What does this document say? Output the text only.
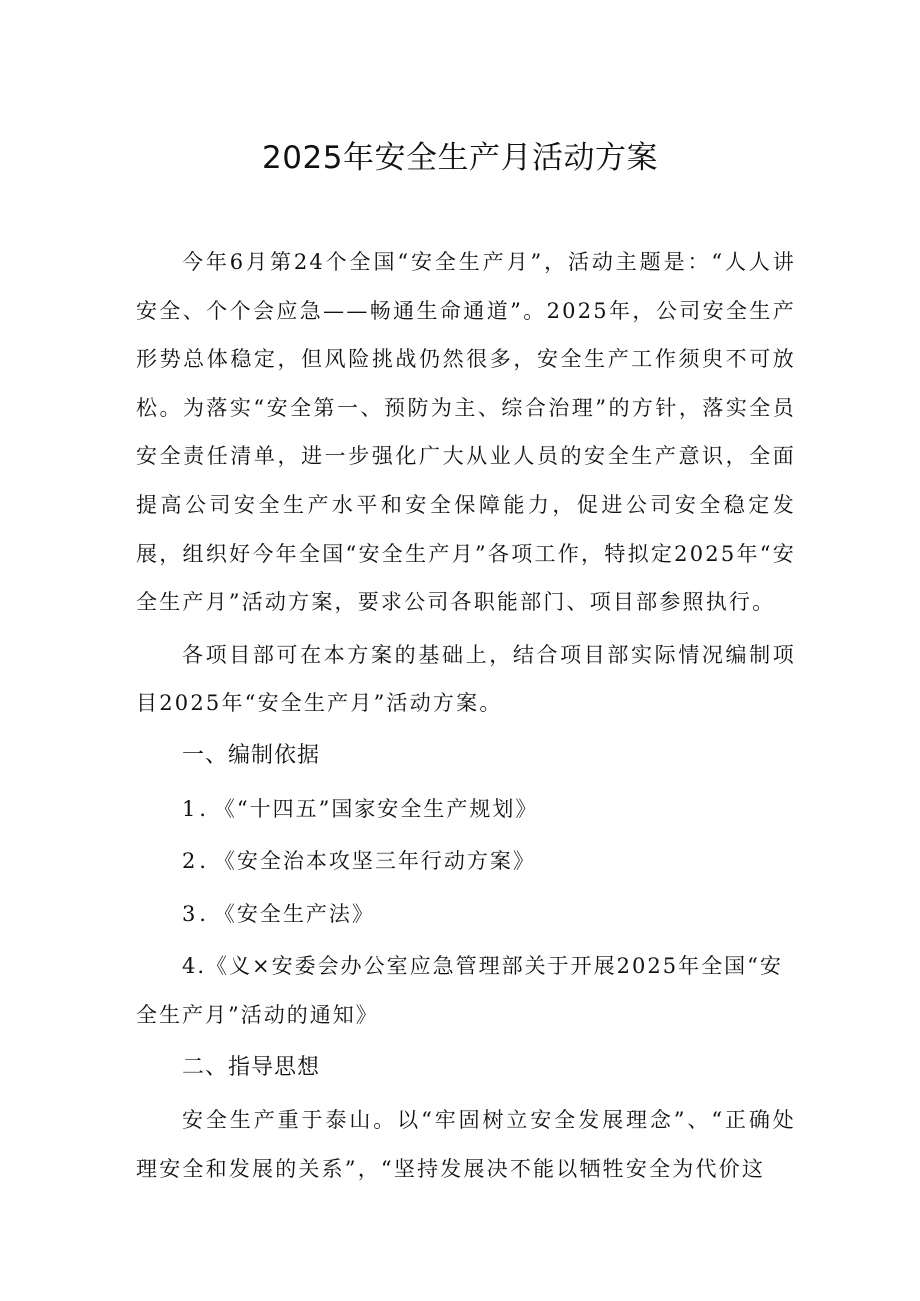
2025年安全生产月活动方案

今年6月第24个全国“安全生产月”，活动主题是：“人人讲安全、个个会应急——畅通生命通道”。2025年，公司安全生产形势总体稳定，但风险挑战仍然很多，安全生产工作须臾不可放松。为落实“安全第一、预防为主、综合治理”的方针，落实全员安全责任清单，进一步强化广大从业人员的安全生产意识，全面提高公司安全生产水平和安全保障能力，促进公司安全稳定发展，组织好今年全国“安全生产月”各项工作，特拟定2025年“安全生产月”活动方案，要求公司各职能部门、项目部参照执行。

各项目部可在本方案的基础上，结合项目部实际情况编制项目2025年“安全生产月”活动方案。

一、编制依据
1．《“十四五”国家安全生产规划》
2．《安全治本攻坚三年行动方案》
3．《安全生产法》
4.《义×安委会办公室应急管理部关于开展2025年全国“安全生产月”活动的通知》
二、指导思想

安全生产重于泰山。以“牢固树立安全发展理念”、“正确处理安全和发展的关系”，“坚持发展决不能以牺牲安全为代价这
